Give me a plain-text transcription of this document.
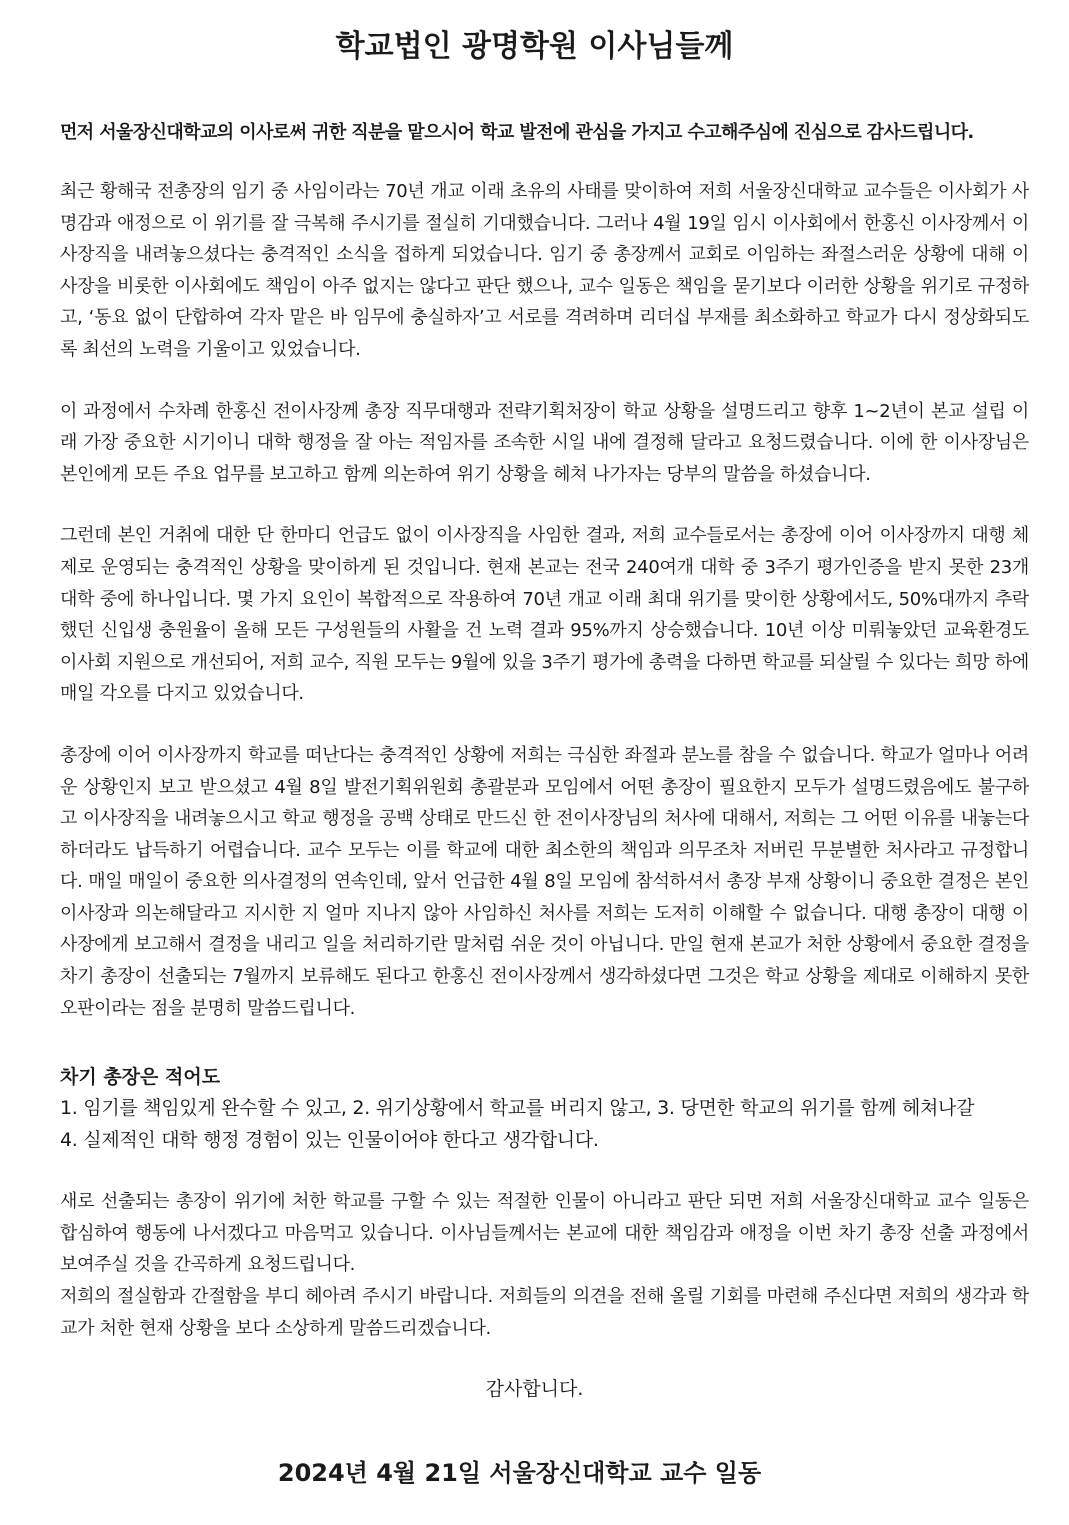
학교법인 광명학원 이사님들께
먼저 서울장신대학교의 이사로써 귀한 직분을 맡으시어 학교 발전에 관심을 가지고 수고해주심에 진심으로 감사드립니다.

최근 황해국 전총장의 임기 중 사임이라는 70년 개교 이래 초유의 사태를 맞이하여 저희 서울장신대학교 교수들은 이사회가 사명감과 애정으로 이 위기를 잘 극복해 주시기를 절실히 기대했습니다. 그러나 4월 19일 임시 이사회에서 한홍신 이사장께서 이사장직을 내려놓으셨다는 충격적인 소식을 접하게 되었습니다. 임기 중 총장께서 교회로 이임하는 좌절스러운 상황에 대해 이사장을 비롯한 이사회에도 책임이 아주 없지는 않다고 판단 했으나, 교수 일동은 책임을 묻기보다 이러한 상황을 위기로 규정하고, ‘동요 없이 단합하여 각자 맡은 바 임무에 충실하자’고 서로를 격려하며 리더십 부재를 최소화하고 학교가 다시 정상화되도록 최선의 노력을 기울이고 있었습니다.

이 과정에서 수차례 한홍신 전이사장께 총장 직무대행과 전략기획처장이 학교 상황을 설명드리고 향후 1~2년이 본교 설립 이래 가장 중요한 시기이니 대학 행정을 잘 아는 적임자를 조속한 시일 내에 결정해 달라고 요청드렸습니다. 이에 한 이사장님은 본인에게 모든 주요 업무를 보고하고 함께 의논하여 위기 상황을 헤쳐 나가자는 당부의 말씀을 하셨습니다.

그런데 본인 거취에 대한 단 한마디 언급도 없이 이사장직을 사임한 결과, 저희 교수들로서는 총장에 이어 이사장까지 대행 체제로 운영되는 충격적인 상황을 맞이하게 된 것입니다. 현재 본교는 전국 240여개 대학 중 3주기 평가인증을 받지 못한 23개 대학 중에 하나입니다. 몇 가지 요인이 복합적으로 작용하여 70년 개교 이래 최대 위기를 맞이한 상황에서도, 50%대까지 추락했던 신입생 충원율이 올해 모든 구성원들의 사활을 건 노력 결과 95%까지 상승했습니다. 10년 이상 미뤄놓았던 교육환경도 이사회 지원으로 개선되어, 저희 교수, 직원 모두는 9월에 있을 3주기 평가에 총력을 다하면 학교를 되살릴 수 있다는 희망 하에 매일 각오를 다지고 있었습니다.

총장에 이어 이사장까지 학교를 떠난다는 충격적인 상황에 저희는 극심한 좌절과 분노를 참을 수 없습니다. 학교가 얼마나 어려운 상황인지 보고 받으셨고 4월 8일 발전기획위원회 총괄분과 모임에서 어떤 총장이 필요한지 모두가 설명드렸음에도 불구하고 이사장직을 내려놓으시고 학교 행정을 공백 상태로 만드신 한 전이사장님의 처사에 대해서, 저희는 그 어떤 이유를 내놓는다 하더라도 납득하기 어렵습니다. 교수 모두는 이를 학교에 대한 최소한의 책임과 의무조차 저버린 무분별한 처사라고 규정합니다. 매일 매일이 중요한 의사결정의 연속인데, 앞서 언급한 4월 8일 모임에 참석하셔서 총장 부재 상황이니 중요한 결정은 본인 이사장과 의논해달라고 지시한 지 얼마 지나지 않아 사임하신 처사를 저희는 도저히 이해할 수 없습니다. 대행 총장이 대행 이사장에게 보고해서 결정을 내리고 일을 처리하기란 말처럼 쉬운 것이 아닙니다. 만일 현재 본교가 처한 상황에서 중요한 결정을 차기 총장이 선출되는 7월까지 보류해도 된다고 한홍신 전이사장께서 생각하셨다면 그것은 학교 상황을 제대로 이해하지 못한 오판이라는 점을 분명히 말씀드립니다.

차기 총장은 적어도
1. 임기를 책임있게 완수할 수 있고, 2. 위기상황에서 학교를 버리지 않고, 3. 당면한 학교의 위기를 함께 헤쳐나갈
4. 실제적인 대학 행정 경험이 있는 인물이어야 한다고 생각합니다.

새로 선출되는 총장이 위기에 처한 학교를 구할 수 있는 적절한 인물이 아니라고 판단 되면 저희 서울장신대학교 교수 일동은 합심하여 행동에 나서겠다고 마음먹고 있습니다. 이사님들께서는 본교에 대한 책임감과 애정을 이번 차기 총장 선출 과정에서 보여주실 것을 간곡하게 요청드립니다.

저희의 절실함과 간절함을 부디 헤아려 주시기 바랍니다. 저희들의 의견을 전해 올릴 기회를 마련해 주신다면 저희의 생각과 학교가 처한 현재 상황을 보다 소상하게 말씀드리겠습니다.

감사합니다.
2024년 4월 21일 서울장신대학교 교수 일동
